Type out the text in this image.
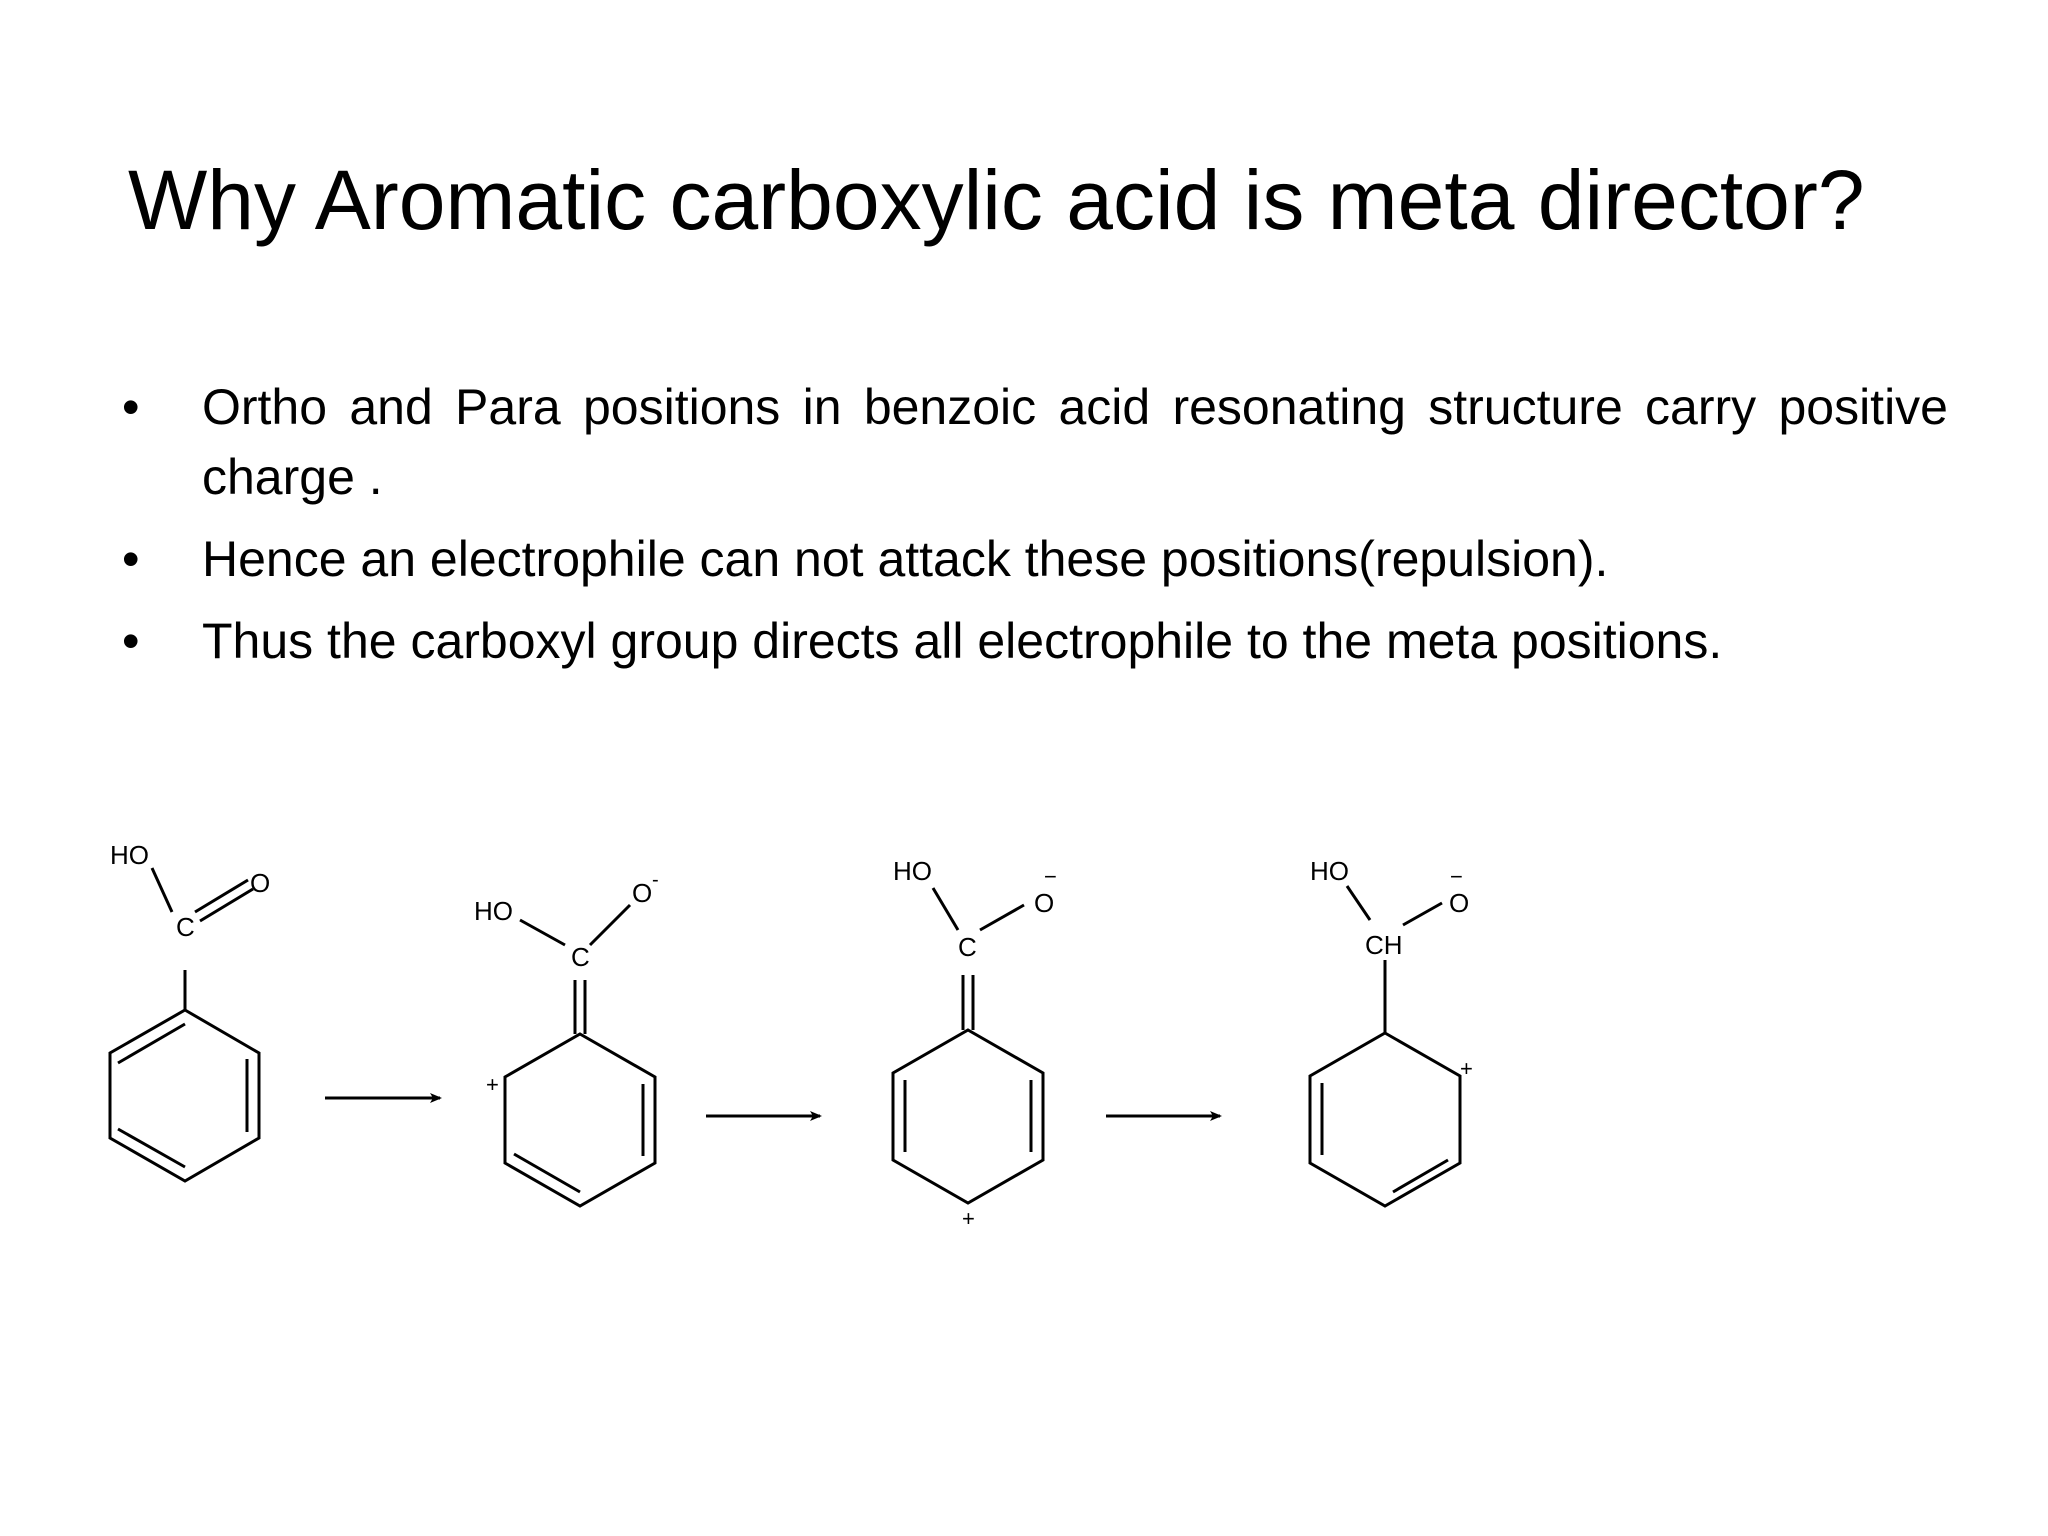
Why Aromatic carboxylic acid is meta director?
•	Ortho and Para positions in benzoic acid resonating structure carry positive charge .
•	Hence an electrophile can not attack these positions(repulsion).
•	Thus the carboxyl group directs all electrophile to the meta positions.
HO
C
O
HO
C
O -
+
HO
C
O
−
+
HO
CH
O
−
+
